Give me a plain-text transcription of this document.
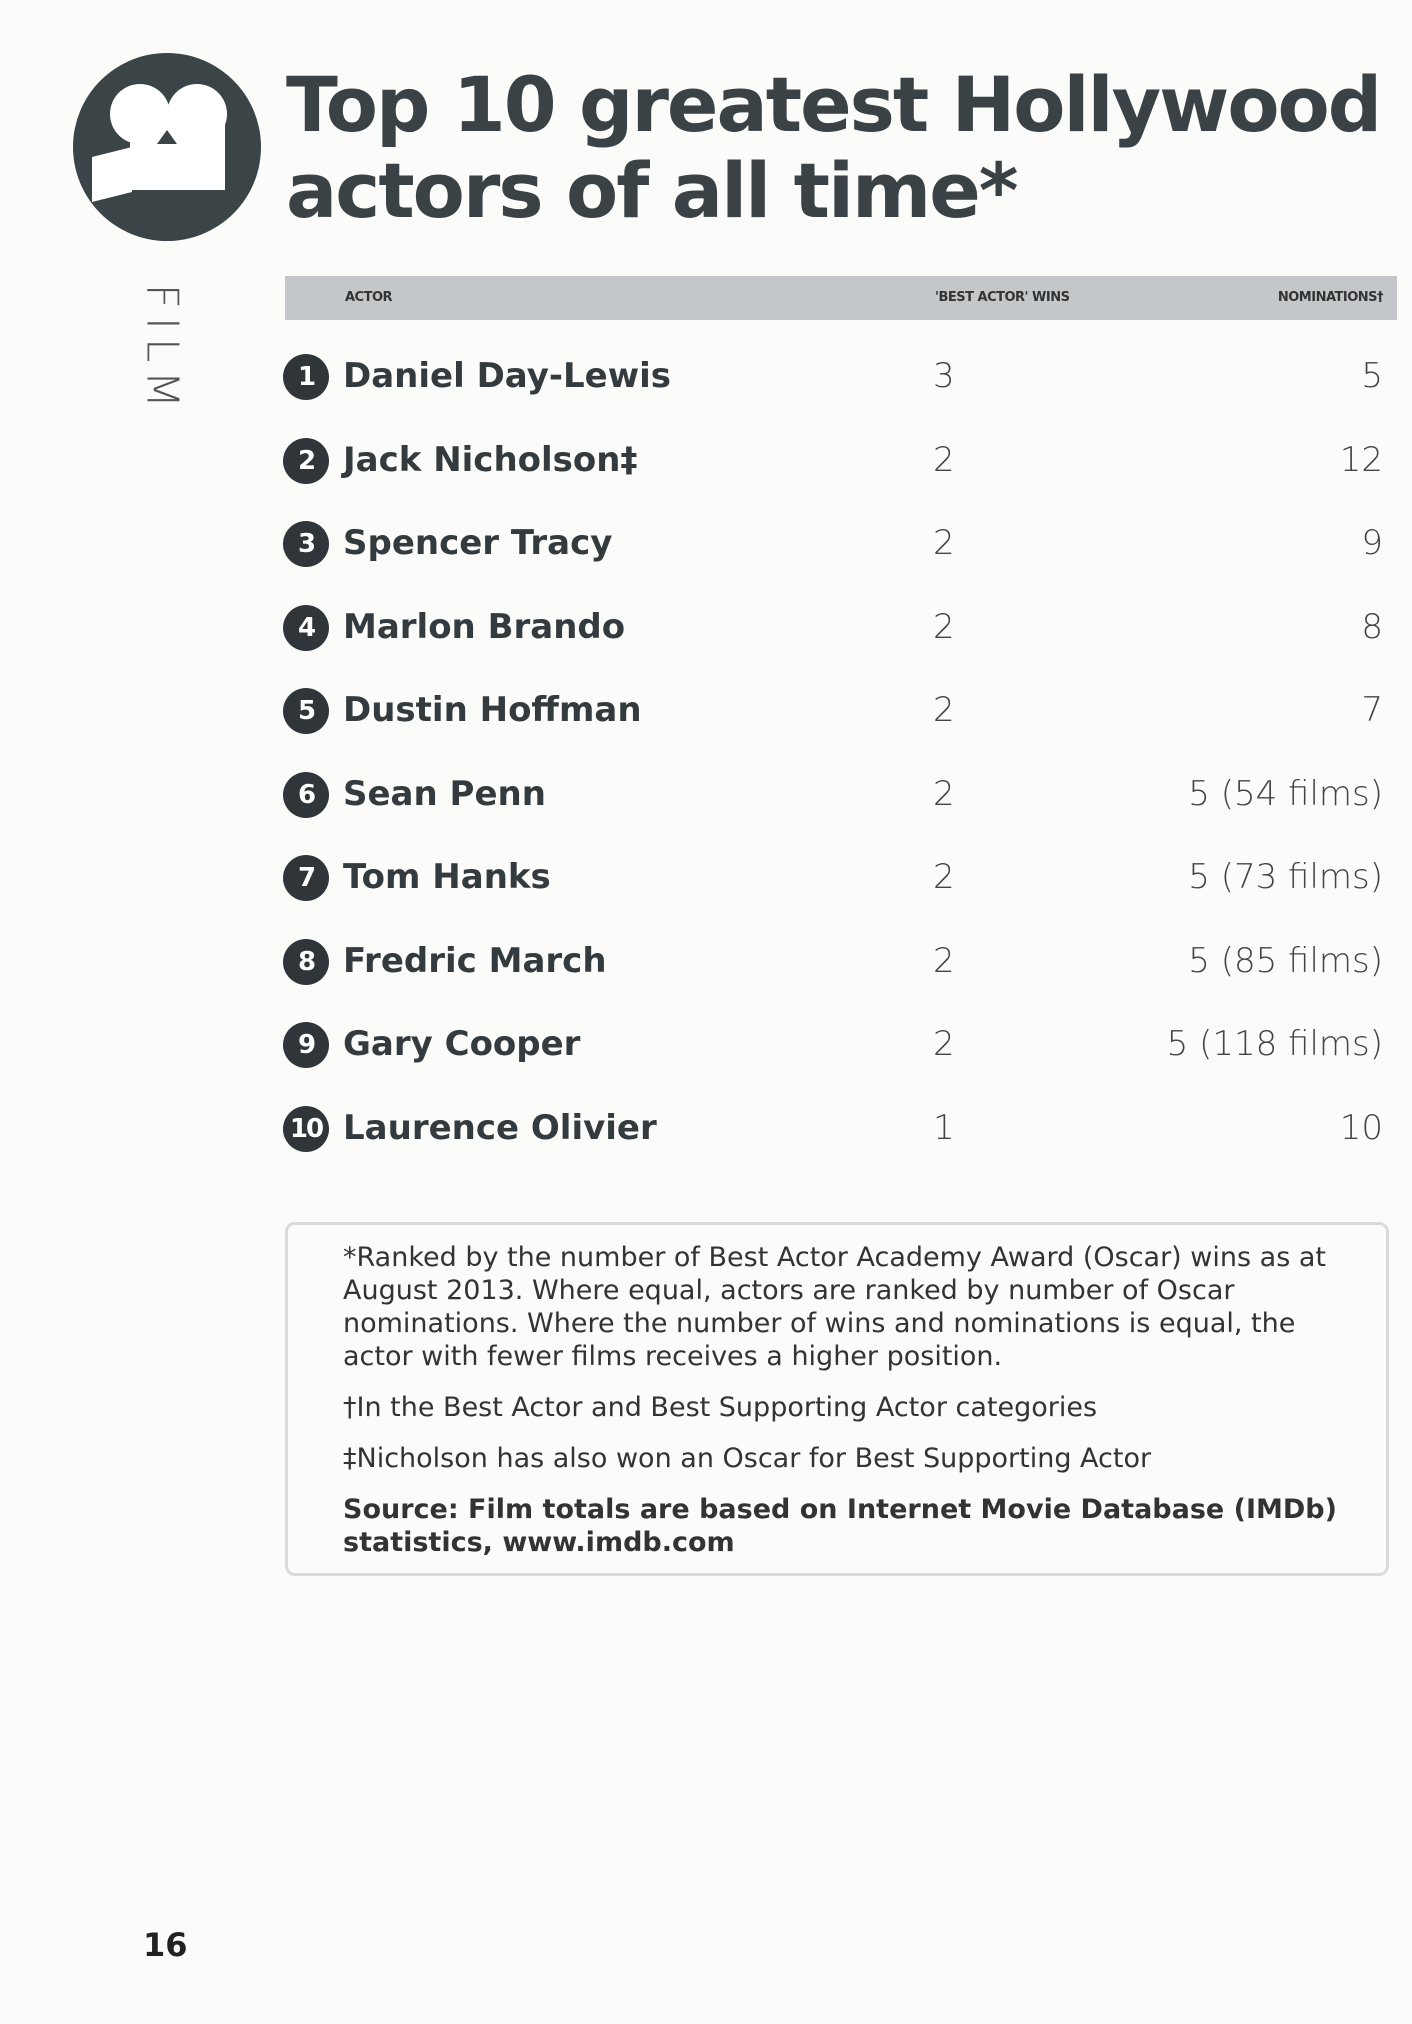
FILM
Top 10 greatest Hollywood
actors of all time*
ACTOR	'BEST ACTOR' WINS	NOMINATIONS†
1 Daniel Day-Lewis	3	5
2 Jack Nicholson‡	2	12
3 Spencer Tracy	2	9
4 Marlon Brando	2	8
5 Dustin Hoffman	2	7
6 Sean Penn	2	5 (54 films)
7 Tom Hanks	2	5 (73 films)
8 Fredric March	2	5 (85 films)
9 Gary Cooper	2	5 (118 films)
10 Laurence Olivier	1	10

*Ranked by the number of Best Actor Academy Award (Oscar) wins as at August 2013. Where equal, actors are ranked by number of Oscar nominations. Where the number of wins and nominations is equal, the actor with fewer films receives a higher position.

†In the Best Actor and Best Supporting Actor categories

‡Nicholson has also won an Oscar for Best Supporting Actor

Source: Film totals are based on Internet Movie Database (IMDb) statistics, www.imdb.com

16
